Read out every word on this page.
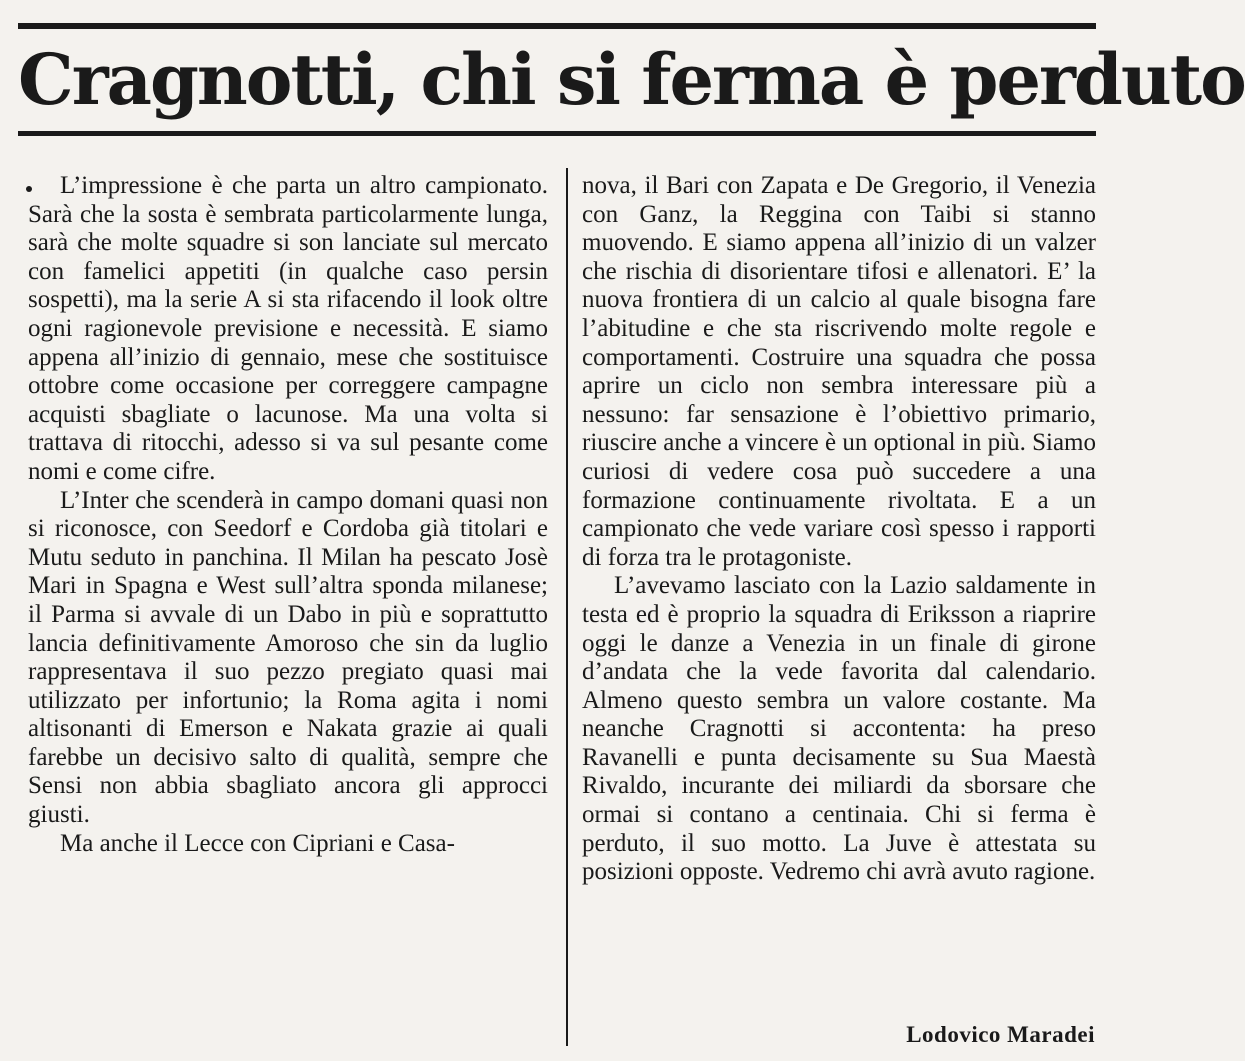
Cragnotti, chi si ferma è perduto

L’impressione è che parta un altro campionato. Sarà che la sosta è sembrata particolarmente lunga, sarà che molte squadre si son lanciate sul mercato con famelici appetiti (in qualche caso persin sospetti), ma la serie A si sta rifacendo il look oltre ogni ragionevole previsione e necessità. E siamo appena all’inizio di gennaio, mese che sostituisce ottobre come occasione per correggere campagne acquisti sbagliate o lacunose. Ma una volta si trattava di ritocchi, adesso si va sul pesante come nomi e come cifre.

L’Inter che scenderà in campo domani quasi non si riconosce, con Seedorf e Cordoba già titolari e Mutu seduto in panchina. Il Milan ha pescato Josè Mari in Spagna e West sull’altra sponda milanese; il Parma si avvale di un Dabo in più e soprattutto lancia definitivamente Amoroso che sin da luglio rappresentava il suo pezzo pregiato quasi mai utilizzato per infortunio; la Roma agita i nomi altisonanti di Emerson e Nakata grazie ai quali farebbe un decisivo salto di qualità, sempre che Sensi non abbia sbagliato ancora gli approcci giusti.

Ma anche il Lecce con Cipriani e Casa-

nova, il Bari con Zapata e De Gregorio, il Venezia con Ganz, la Reggina con Taibi si stanno muovendo. E siamo appena all’inizio di un valzer che rischia di disorientare tifosi e allenatori. E’ la nuova frontiera di un calcio al quale bisogna fare l’abitudine e che sta riscrivendo molte regole e comportamenti. Costruire una squadra che possa aprire un ciclo non sembra interessare più a nessuno: far sensazione è l’obiettivo primario, riuscire anche a vincere è un optional in più. Siamo curiosi di vedere cosa può succedere a una formazione continuamente rivoltata. E a un campionato che vede variare così spesso i rapporti di forza tra le protagoniste.

L’avevamo lasciato con la Lazio saldamente in testa ed è proprio la squadra di Eriksson a riaprire oggi le danze a Venezia in un finale di girone d’andata che la vede favorita dal calendario. Almeno questo sembra un valore costante. Ma neanche Cragnotti si accontenta: ha preso Ravanelli e punta decisamente su Sua Maestà Rivaldo, incurante dei miliardi da sborsare che ormai si contano a centinaia. Chi si ferma è perduto, il suo motto. La Juve è attestata su posizioni opposte. Vedremo chi avrà avuto ragione.

Lodovico Maradei
